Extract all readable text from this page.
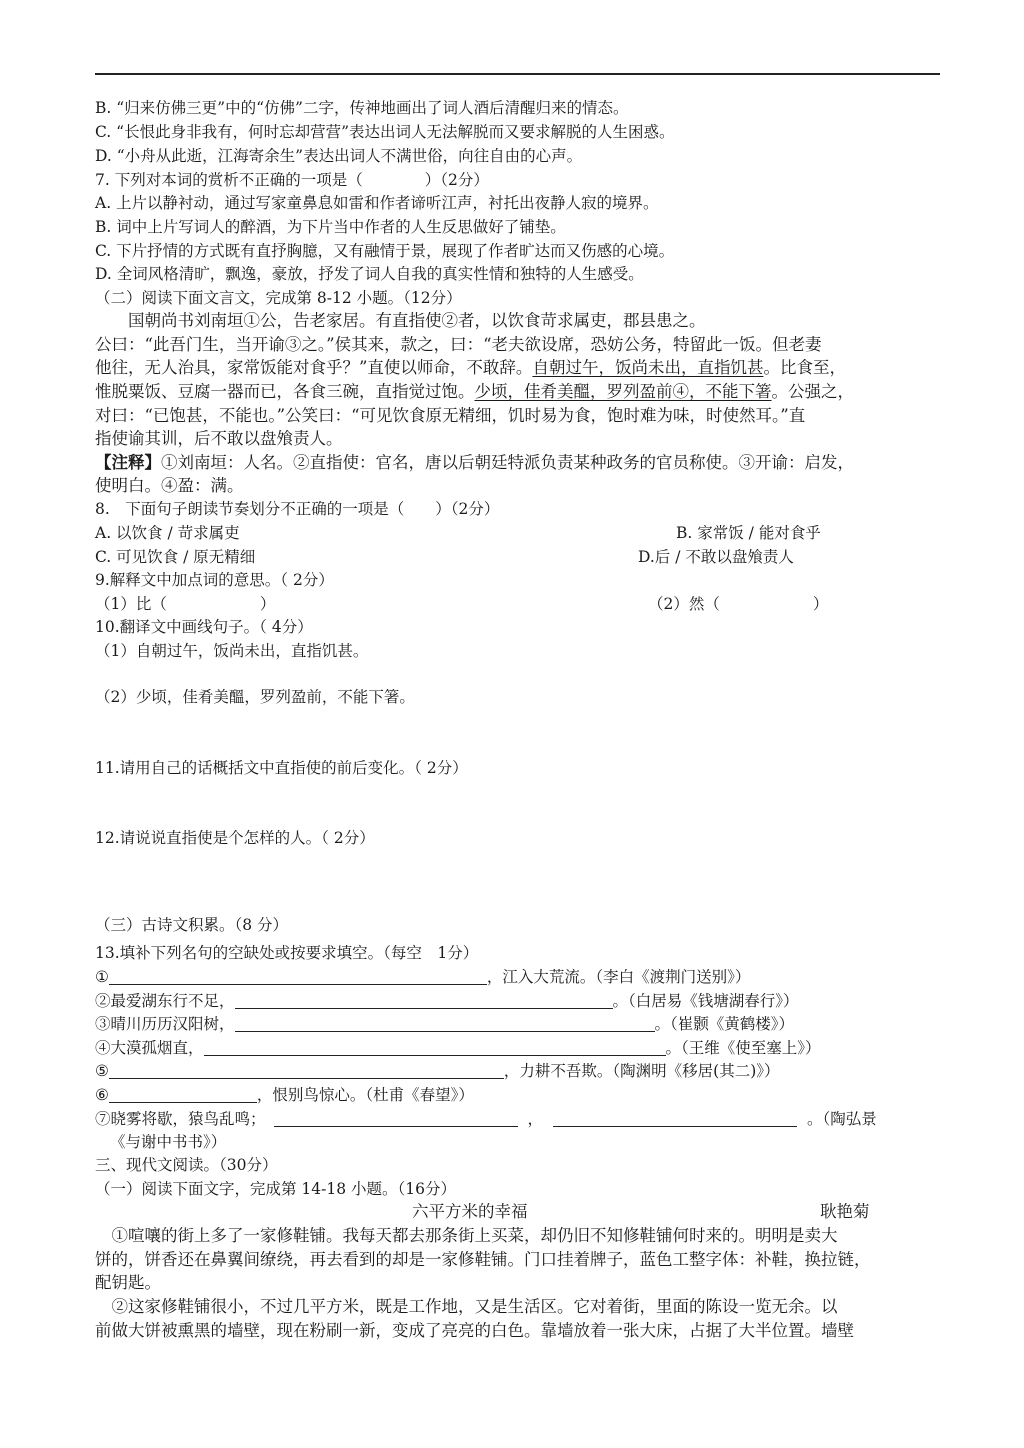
B. “归来仿佛三更”中的“仿佛”二字，传神地画出了词人酒后清醒归来的情态。
C. “长恨此身非我有，何时忘却营营”表达出词人无法解脱而又要求解脱的人生困惑。
D. “小舟从此逝，江海寄余生”表达出词人不满世俗，向往自由的心声。
7. 下列对本词的赏析不正确的一项是（　　　　）（2分）
A. 上片以静衬动，通过写家童鼻息如雷和作者谛听江声，衬托出夜静人寂的境界。
B. 词中上片写词人的醉酒，为下片当中作者的人生反思做好了铺垫。
C. 下片抒情的方式既有直抒胸臆，又有融情于景，展现了作者旷达而又伤感的心境。
D. 全词风格清旷，飘逸，豪放，抒发了词人自我的真实性情和独特的人生感受。
（二）阅读下面文言文，完成第 8-12 小题。（12分）
　　国朝尚书刘南垣①公，告老家居。有直指使②者，以饮食苛求属吏，郡县患之。
公曰：“此吾门生，当开谕③之。”侯其来，款之，曰：“老夫欲设席，恐妨公务，特留此一饭。但老妻
他往，无人治具，家常饭能对食乎？”直使以师命，不敢辞。自朝过午，饭尚未出，直指饥甚。比食至，
惟脱粟饭、豆腐一器而已，各食三碗，直指觉过饱。少顷，佳肴美醞，罗列盈前④，不能下箸。公强之，
对曰：“已饱甚，不能也。”公笑曰：“可见饮食原无精细，饥时易为食，饱时难为味，时使然耳。”直
指使谕其训，后不敢以盘飧责人。
【注释】①刘南垣：人名。②直指使：官名，唐以后朝廷特派负责某种政务的官员称使。③开谕：启发，
使明白。④盈：满。
8.　下面句子朗读节奏划分不正确的一项是（　　）（2分）
A. 以饮食 / 苛求属吏	B. 家常饭 / 能对食乎
C. 可见饮食 / 原无精细	D.后 / 不敢以盘飧责人
9.解释文中加点词的意思。（ 2分）
（1）比（　　　　　　）	（2）然（　　　　　　）
10.翻译文中画线句子。（ 4分）
（1）自朝过午，饭尚未出，直指饥甚。
（2）少顷，佳肴美醞，罗列盈前，不能下箸。
11.请用自己的话概括文中直指使的前后变化。（ 2分）
12.请说说直指使是个怎样的人。（ 2分）
（三）古诗文积累。（8 分）
13.填补下列名句的空缺处或按要求填空。（每空　1分）
①	，江入大荒流。（李白《渡荆门送别》）
②最爱湖东行不足，	。（白居易《钱塘湖春行》）
③晴川历历汉阳树，	。（崔颢《黄鹤楼》）
④大漠孤烟直，	。（王维《使至塞上》）
⑤	，力耕不吾欺。（陶渊明《移居(其二)》）
⑥	，恨别鸟惊心。（杜甫《春望》）
⑦晓雾将歇，猿鸟乱鸣；	，	。（陶弘景
《与谢中书书》）
三、现代文阅读。（30分）
（一）阅读下面文字，完成第 14-18 小题。（16分）
六平方米的幸福	耿艳菊
　①喧嚷的街上多了一家修鞋铺。我每天都去那条街上买菜，却仍旧不知修鞋铺何时来的。明明是卖大
饼的，饼香还在鼻翼间缭绕，再去看到的却是一家修鞋铺。门口挂着牌子，蓝色工整字体：补鞋，换拉链，
配钥匙。
　②这家修鞋铺很小，不过几平方米，既是工作地，又是生活区。它对着街，里面的陈设一览无余。以
前做大饼被熏黑的墙壁，现在粉刷一新，变成了亮亮的白色。靠墙放着一张大床，占据了大半位置。墙壁
